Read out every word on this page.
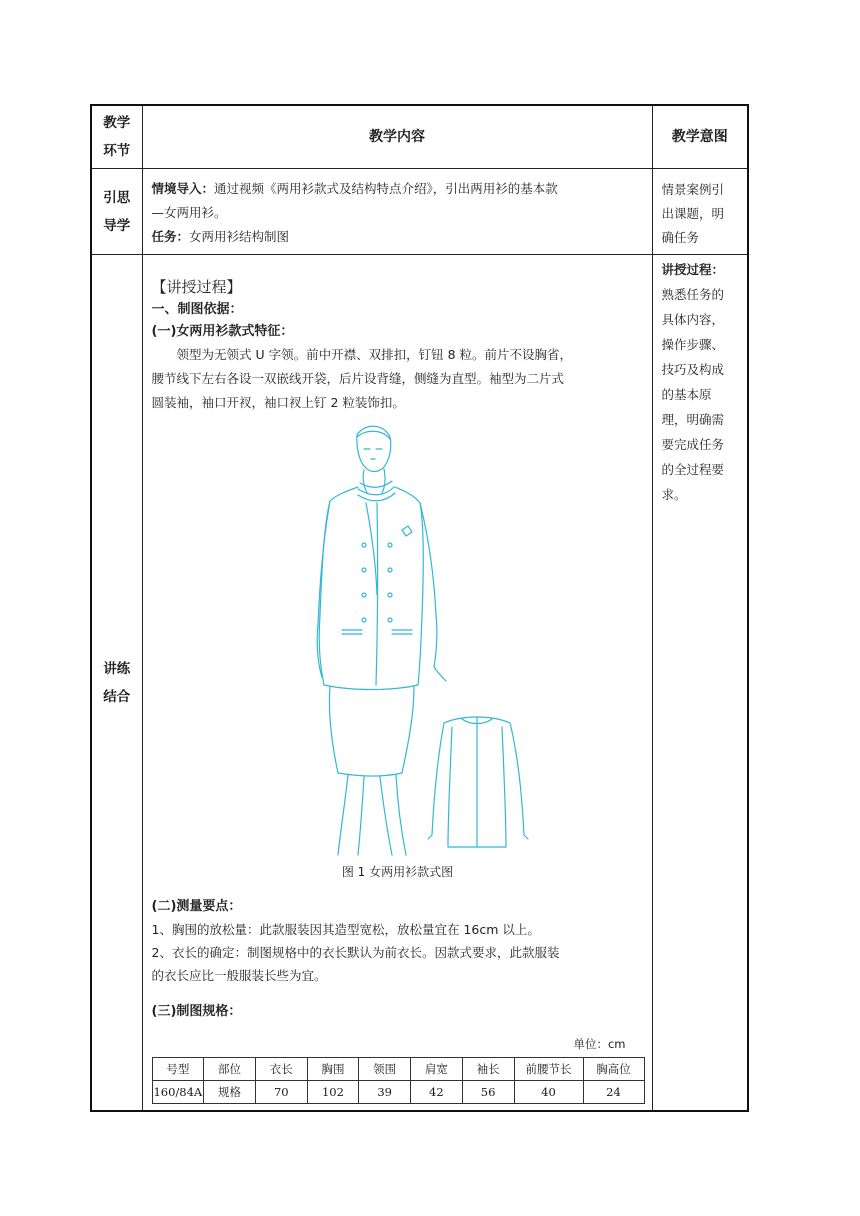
教学
环节

教学内容	教学意图

引思
导学

情境导入：通过视频《两用衫款式及结构特点介绍》，引出两用衫的基本款
—女两用衫。
任务：女两用衫结构制图

情景案例引
出课题，明
确任务

讲练
结合

【讲授过程】
一、制图依据：
(一)女两用衫款式特征：
领型为无领式 U 字领。前中开襟、双排扣，钉钮 8 粒。前片不设胸省，
腰节线下左右各设一双嵌线开袋，后片设背缝，侧缝为直型。袖型为二片式
圆装袖，袖口开衩，袖口衩上钉 2 粒装饰扣。
图 1 女两用衫款式图
(二)测量要点：
1、胸围的放松量：此款服装因其造型宽松，放松量宜在 16cm 以上。
2、衣长的确定：制图规格中的衣长默认为前衣长。因款式要求，此款服装
的衣长应比一般服装长些为宜。
(三)制图规格：
单位：cm
号型	部位	衣长	胸围	领围	肩宽	袖长	前腰节长	胸高位
160/84A	规格	70	102	39	42	56	40	24

讲授过程：
熟悉任务的
具体内容，
操作步骤、
技巧及构成
的基本原
理，明确需
要完成任务
的全过程要
求。
